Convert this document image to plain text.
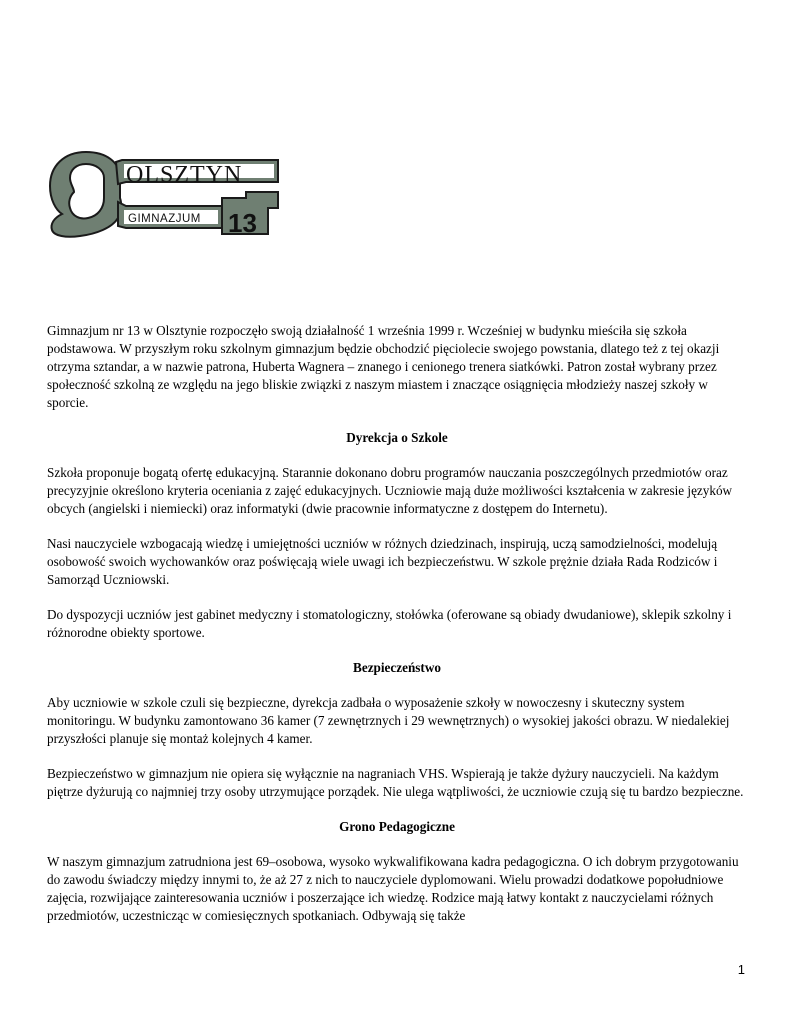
OLSZTYN
GIMNAZJUM 13

Gimnazjum nr 13 w Olsztynie rozpoczęło swoją działalność 1 września 1999 r. Wcześniej w budynku mieściła się szkoła podstawowa. W przyszłym roku szkolnym gimnazjum będzie obchodzić pięciolecie swojego powstania, dlatego też z tej okazji otrzyma sztandar, a w nazwie patrona, Huberta Wagnera – znanego i cenionego trenera siatkówki. Patron został wybrany przez społeczność szkolną ze względu na jego bliskie związki z naszym miastem i znaczące osiągnięcia młodzieży naszej szkoły w sporcie.

Dyrekcja o Szkole

Szkoła proponuje bogatą ofertę edukacyjną. Starannie dokonano dobru programów nauczania poszczególnych przedmiotów oraz precyzyjnie określono kryteria oceniania z zajęć edukacyjnych. Uczniowie mają duże możliwości kształcenia w zakresie języków obcych (angielski i niemiecki) oraz informatyki (dwie pracownie informatyczne z dostępem do Internetu).

Nasi nauczyciele wzbogacają wiedzę i umiejętności uczniów w różnych dziedzinach, inspirują, uczą samodzielności, modelują osobowość swoich wychowanków oraz poświęcają wiele uwagi ich bezpieczeństwu. W szkole prężnie działa Rada Rodziców i Samorząd Uczniowski.

Do dyspozycji uczniów jest gabinet medyczny i stomatologiczny, stołówka (oferowane są obiady dwudaniowe), sklepik szkolny i różnorodne obiekty sportowe.

Bezpieczeństwo

Aby uczniowie w szkole czuli się bezpieczne, dyrekcja zadbała o wyposażenie szkoły w nowoczesny i skuteczny system monitoringu. W budynku zamontowano 36 kamer (7 zewnętrznych i 29 wewnętrznych) o wysokiej jakości obrazu. W niedalekiej przyszłości planuje się montaż kolejnych 4 kamer.

Bezpieczeństwo w gimnazjum nie opiera się wyłącznie na nagraniach VHS. Wspierają je także dyżury nauczycieli. Na każdym piętrze dyżurują co najmniej trzy osoby utrzymujące porządek. Nie ulega wątpliwości, że uczniowie czują się tu bardzo bezpieczne.

Grono Pedagogiczne

W naszym gimnazjum zatrudniona jest 69–osobowa, wysoko wykwalifikowana kadra pedagogiczna. O ich dobrym przygotowaniu do zawodu świadczy między innymi to, że aż 27 z nich to nauczyciele dyplomowani. Wielu prowadzi dodatkowe popołudniowe zajęcia, rozwijające zainteresowania uczniów i poszerzające ich wiedzę. Rodzice mają łatwy kontakt z nauczycielami różnych przedmiotów, uczestnicząc w comiesięcznych spotkaniach. Odbywają się także

1
